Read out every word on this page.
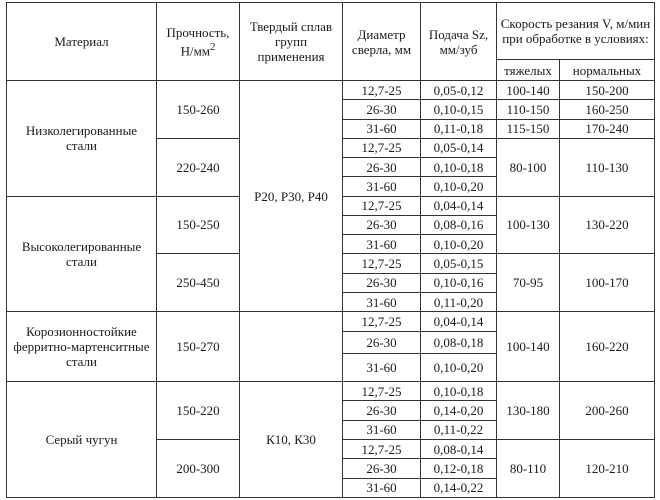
Материал	Прочность, $Н/мм^2$	Твердый сплав групп применения	Диаметр сверла, мм	Подача Sz, мм/зуб	Скорость резания V, м/мин при обработке в условиях:	
					тяжелых	нормальных
Низколегированные стали	150-260	Р20, Р30, Р40	12,7-25	0,05-0,12	100-140	150-200
			26-30	0,10-0,15	110-150	160-250
			31-60	0,11-0,18	115-150	170-240
	220-240		12,7-25	0,05-0,14	80-100	110-130
			26-30	0,10-0,18		
			31-60	0,10-0,20		
Высоколегированные стали	150-250		12,7-25	0,04-0,14	100-130	130-220
			26-30	0,08-0,16		
			31-60	0,10-0,20		
	250-450		12,7-25	0,05-0,15	70-95	100-170
			26-30	0,10-0,16		
			31-60	0,11-0,20		
Корозионностойкие ферритно-мартенситные стали	150-270		12,7-25	0,04-0,14	100-140	160-220
			26-30	0,08-0,18		
			31-60	0,10-0,20		
Серый чугун	150-220	К10, К30	12,7-25	0,10-0,18	130-180	200-260
			26-30	0,14-0,20		
			31-60	0,11-0,22		
	200-300		12,7-25	0,08-0,14	80-110	120-210
			26-30	0,12-0,18		
			31-60	0,14-0,22		
